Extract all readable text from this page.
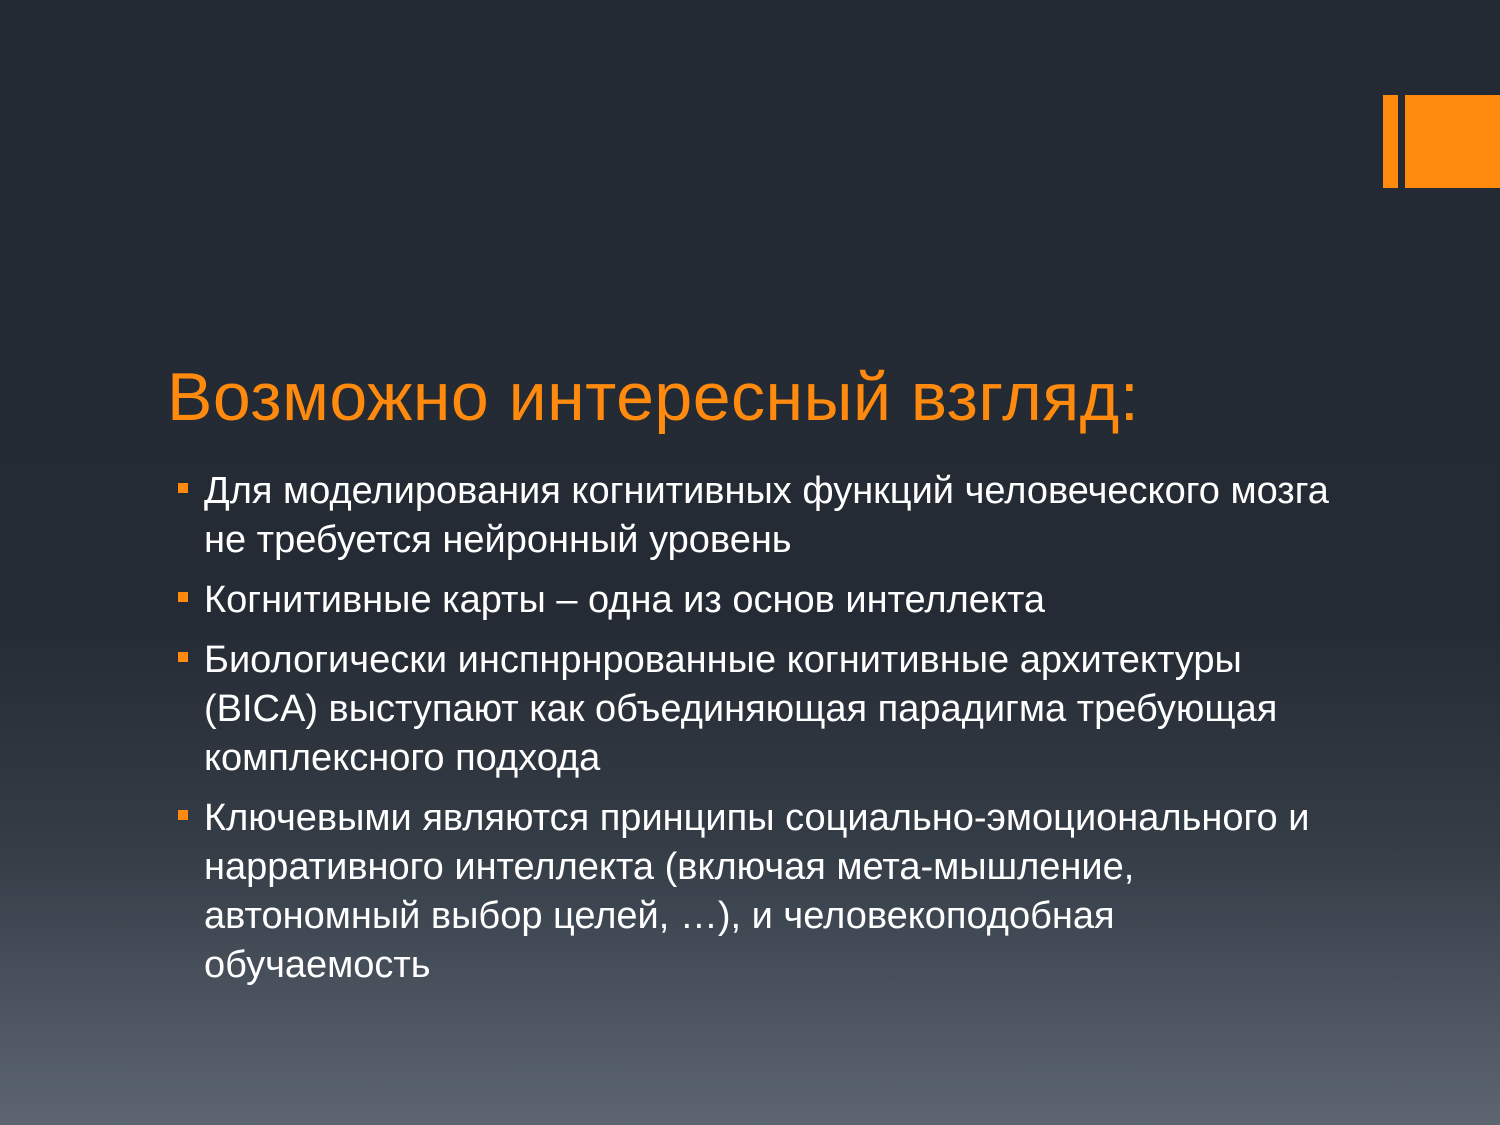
Возможно интересный взгляд:
Для моделирования когнитивных функций человеческого мозга не требуется нейронный уровень
Когнитивные карты – одна из основ интеллекта
Биологически инспнрнрованные когнитивные архитектуры (BICA) выступают как объединяющая парадигма требующая комплексного подхода
Ключевыми являются принципы социально-эмоционального и нарративного интеллекта (включая мета-мышление, автономный выбор целей, …), и человекоподобная обучаемость
